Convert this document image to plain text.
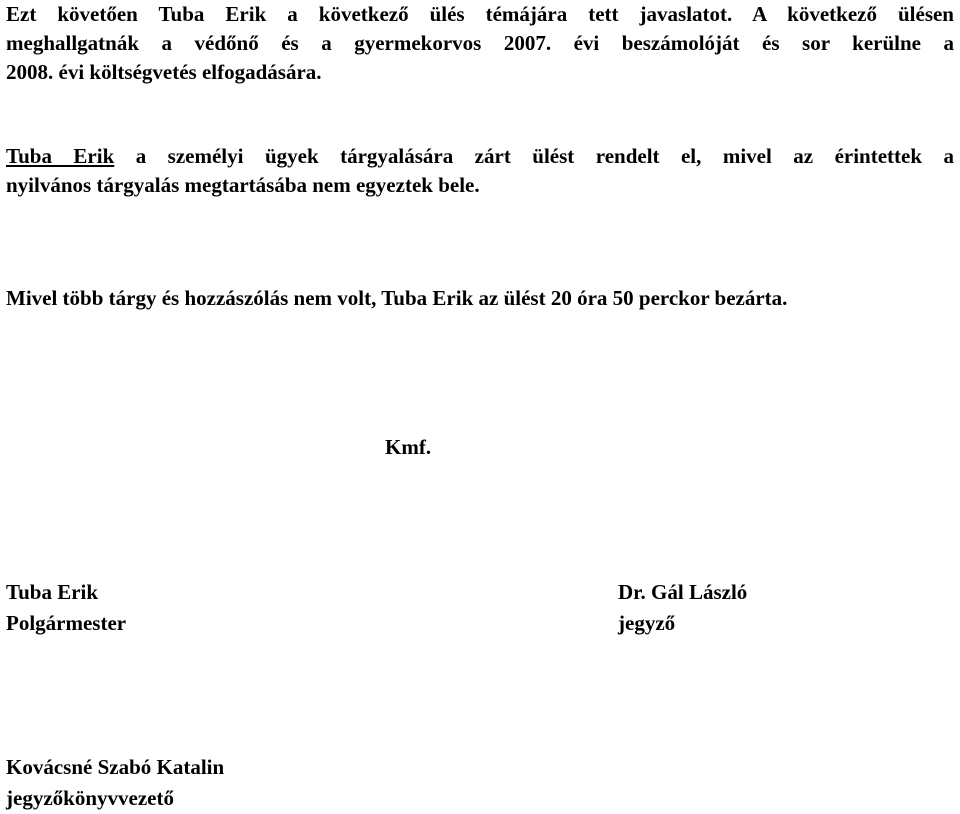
Ezt követően Tuba Erik a következő ülés témájára tett javaslatot. A következő ülésen
meghallgatnák a védőnő és a gyermekorvos 2007. évi beszámolóját és sor kerülne a
2008. évi költségvetés elfogadására.
Tuba Erik a személyi ügyek tárgyalására zárt ülést rendelt el, mivel az érintettek a
nyilvános tárgyalás megtartásába nem egyeztek bele.
Mivel több tárgy és hozzászólás nem volt, Tuba Erik az ülést 20 óra 50 perckor bezárta.
Kmf.
Tuba Erik
Polgármester
Dr. Gál László
jegyző
Kovácsné Szabó Katalin
jegyzőkönyvvezető
